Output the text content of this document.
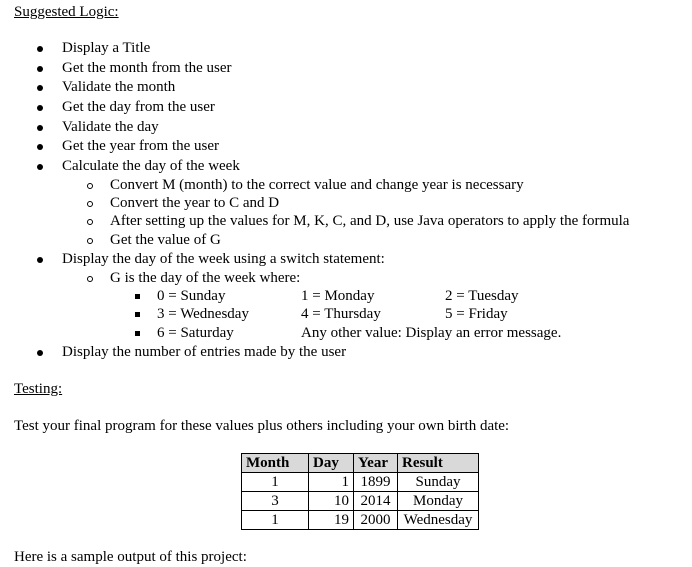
Suggested Logic:
Display a Title
Get the month from the user
Validate the month
Get the day from the user
Validate the day
Get the year from the user
Calculate the day of the week
Convert M (month) to the correct value and change year is necessary
Convert the year to C and D
After setting up the values for M, K, C, and D, use Java operators to apply the formula
Get the value of G
Display the day of the week using a switch statement:
G is the day of the week where:
0 = Sunday	1 = Monday	2 = Tuesday
3 = Wednesday	4 = Thursday	5 = Friday
6 = Saturday	Any other value: Display an error message.
Display the number of entries made by the user
Testing:
Test your final program for these values plus others including your own birth date:
Month	Day	Year	Result
1	1	1899	Sunday
3	10	2014	Monday
1	19	2000	Wednesday
Here is a sample output of this project:
